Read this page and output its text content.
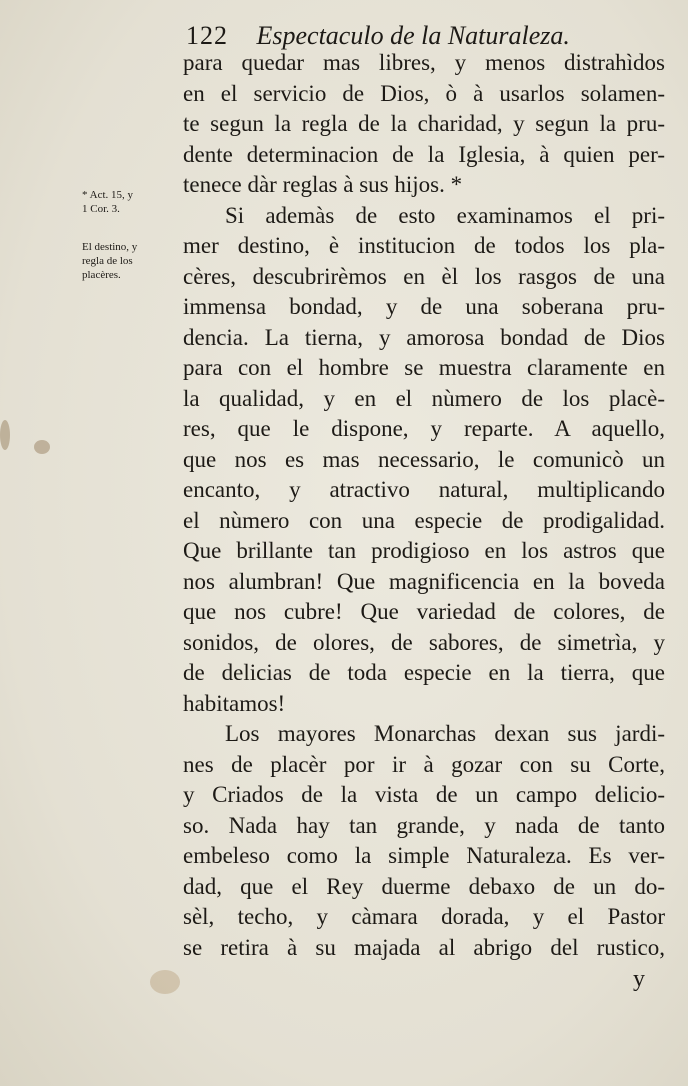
122 Espectaculo de la Naturaleza.
* Act. 15, y
1 Cor. 3.
El destino, y
regla de los
placères.
para quedar mas libres, y menos distrahìdos
en el servicio de Dios, ò à usarlos solamen-
te segun la regla de la charidad, y segun la pru-
dente determinacion de la Iglesia, à quien per-
tenece dàr reglas à sus hijos. *
Si ademàs de esto examinamos el pri-
mer destino, è institucion de todos los pla-
cères, descubrirèmos en èl los rasgos de una
immensa bondad, y de una soberana pru-
dencia. La tierna, y amorosa bondad de Dios
para con el hombre se muestra claramente en
la qualidad, y en el nùmero de los placè-
res, que le dispone, y reparte. A aquello,
que nos es mas necessario, le comunicò un
encanto, y atractivo natural, multiplicando
el nùmero con una especie de prodigalidad.
Que brillante tan prodigioso en los astros que
nos alumbran! Que magnificencia en la boveda
que nos cubre! Que variedad de colores, de
sonidos, de olores, de sabores, de simetrìa, y
de delicias de toda especie en la tierra, que
habitamos!
Los mayores Monarchas dexan sus jardi-
nes de placèr por ir à gozar con su Corte,
y Criados de la vista de un campo delicio-
so. Nada hay tan grande, y nada de tanto
embeleso como la simple Naturaleza. Es ver-
dad, que el Rey duerme debaxo de un do-
sèl, techo, y càmara dorada, y el Pastor
se retira à su majada al abrigo del rustico,
y
